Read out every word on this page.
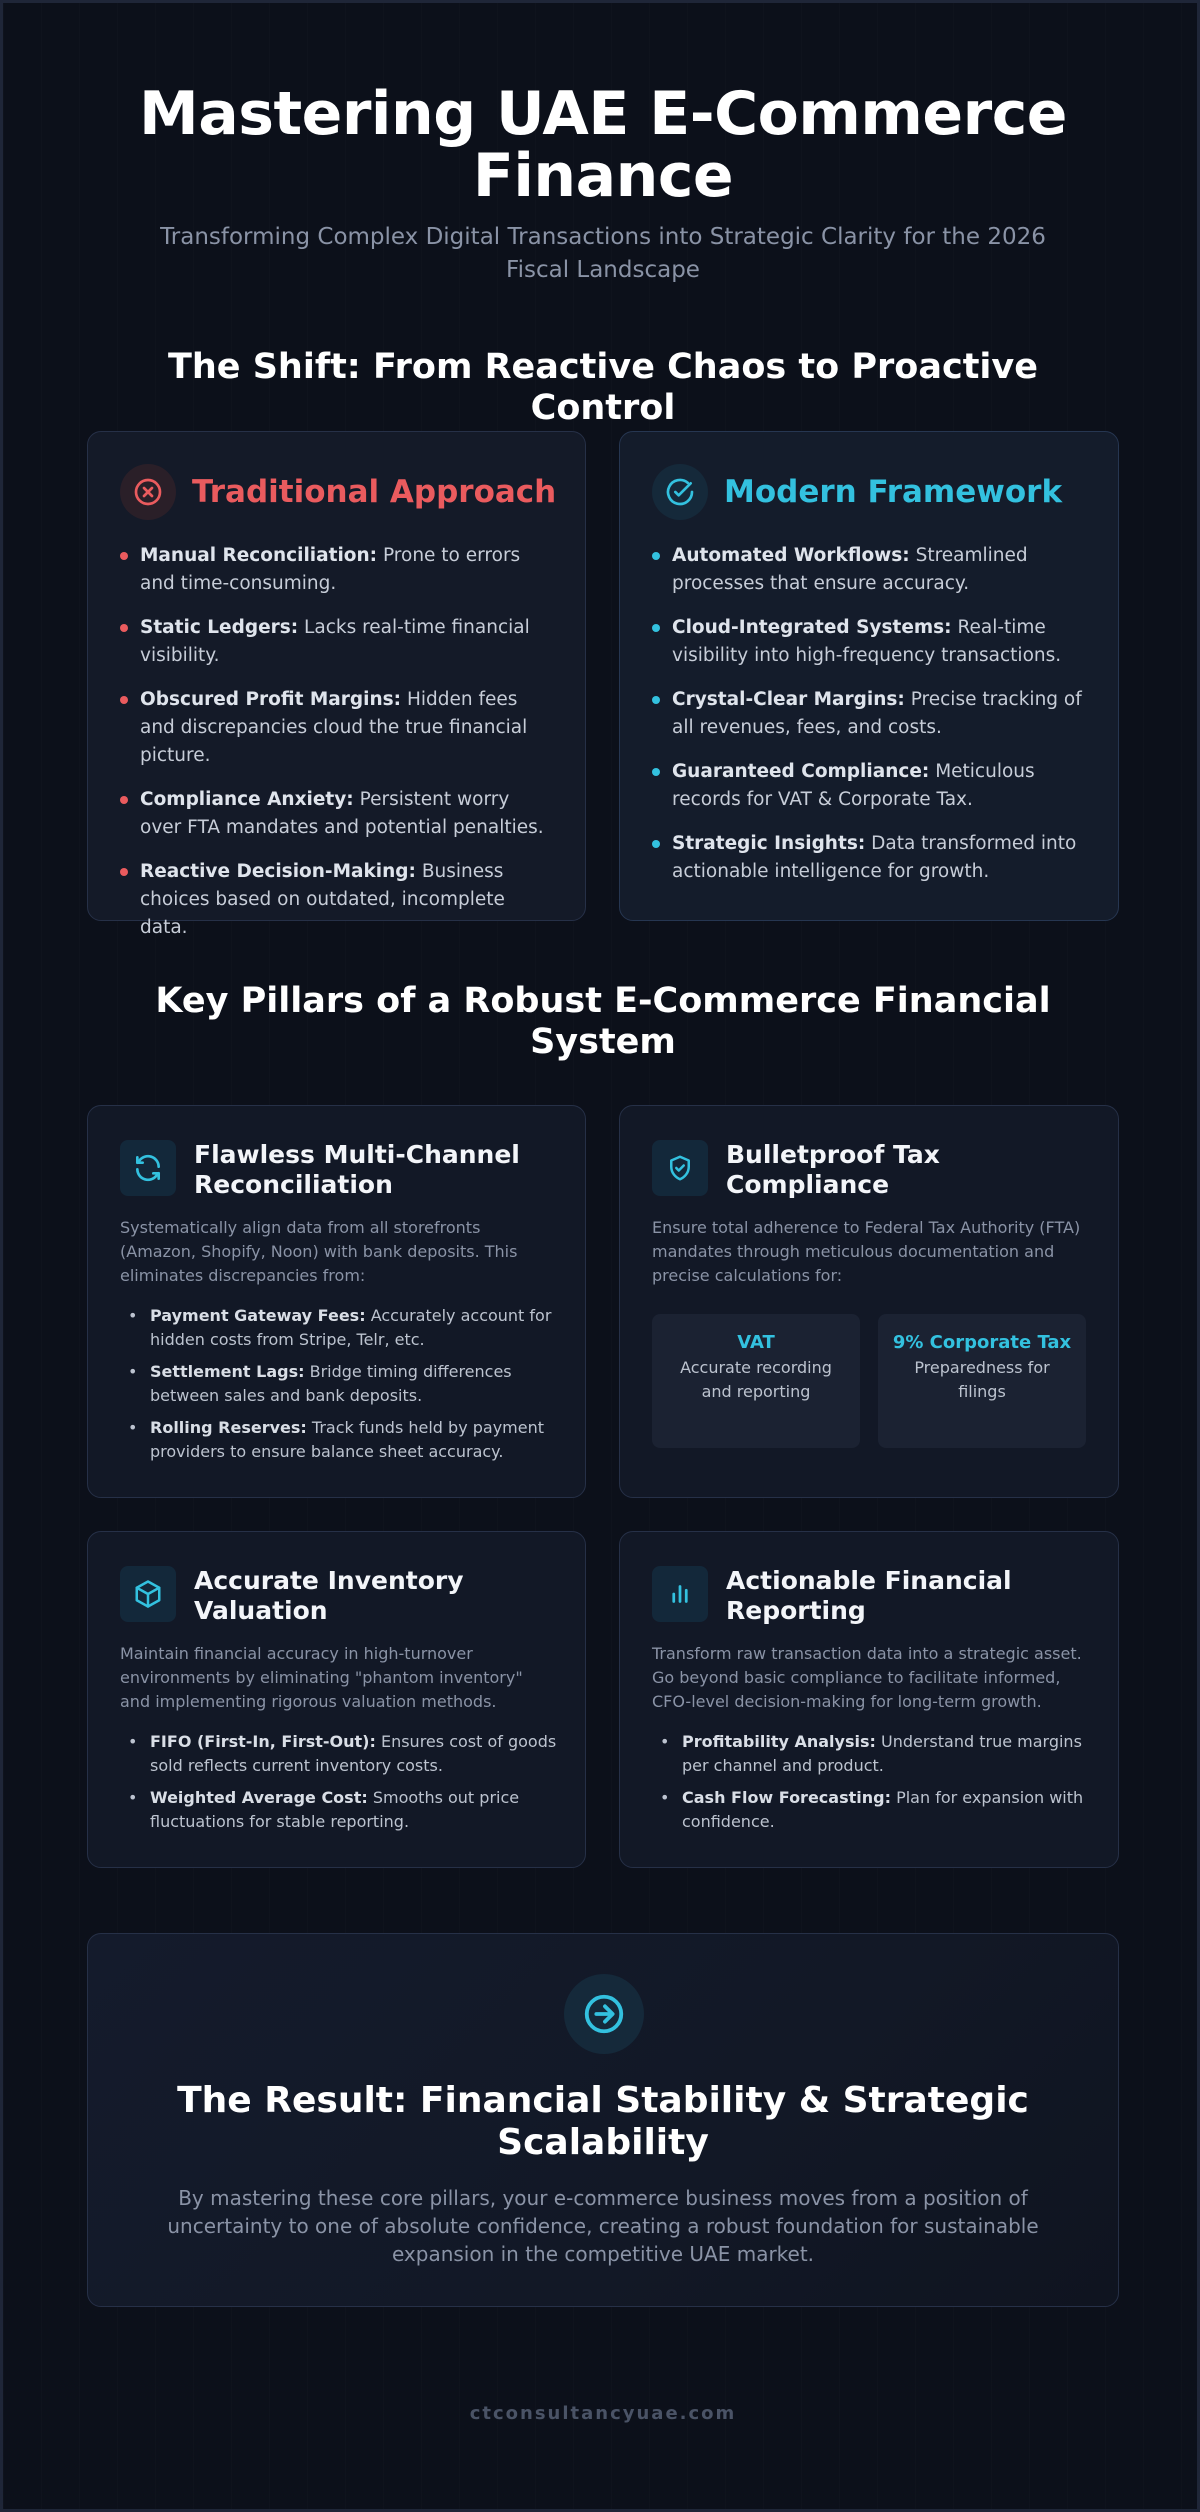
Mastering UAE E-Commerce Finance

Transforming Complex Digital Transactions into Strategic Clarity for the 2026 Fiscal Landscape

The Shift: From Reactive Chaos to Proactive Control
Traditional Approach
Manual Reconciliation: Prone to errors and time-consuming.
Static Ledgers: Lacks real-time financial visibility.
Obscured Profit Margins: Hidden fees and discrepancies cloud the true financial picture.
Compliance Anxiety: Persistent worry over FTA mandates and potential penalties.
Reactive Decision-Making: Business choices based on outdated, incomplete data.
Modern Framework
Automated Workflows: Streamlined processes that ensure accuracy.
Cloud-Integrated Systems: Real-time visibility into high-frequency transactions.
Crystal-Clear Margins: Precise tracking of all revenues, fees, and costs.
Guaranteed Compliance: Meticulous records for VAT & Corporate Tax.
Strategic Insights: Data transformed into actionable intelligence for growth.
Key Pillars of a Robust E-Commerce Financial System
Flawless Multi-Channel Reconciliation

Systematically align data from all storefronts (Amazon, Shopify, Noon) with bank deposits. This eliminates discrepancies from:

• Payment Gateway Fees: Accurately account for hidden costs from Stripe, Telr, etc.
• Settlement Lags: Bridge timing differences between sales and bank deposits.
• Rolling Reserves: Track funds held by payment providers to ensure balance sheet accuracy.
Bulletproof Tax Compliance

Ensure total adherence to Federal Tax Authority (FTA) mandates through meticulous documentation and precise calculations for:

VAT
Accurate recording and reporting
9% Corporate Tax
Preparedness for filings
Accurate Inventory Valuation

Maintain financial accuracy in high-turnover environments by eliminating "phantom inventory" and implementing rigorous valuation methods.

• FIFO (First-In, First-Out): Ensures cost of goods sold reflects current inventory costs.
• Weighted Average Cost: Smooths out price fluctuations for stable reporting.
Actionable Financial Reporting

Transform raw transaction data into a strategic asset. Go beyond basic compliance to facilitate informed, CFO-level decision-making for long-term growth.

• Profitability Analysis: Understand true margins per channel and product.
• Cash Flow Forecasting: Plan for expansion with confidence.
The Result: Financial Stability & Strategic Scalability

By mastering these core pillars, your e-commerce business moves from a position of uncertainty to one of absolute confidence, creating a robust foundation for sustainable expansion in the competitive UAE market.

ctconsultancyuae.com
